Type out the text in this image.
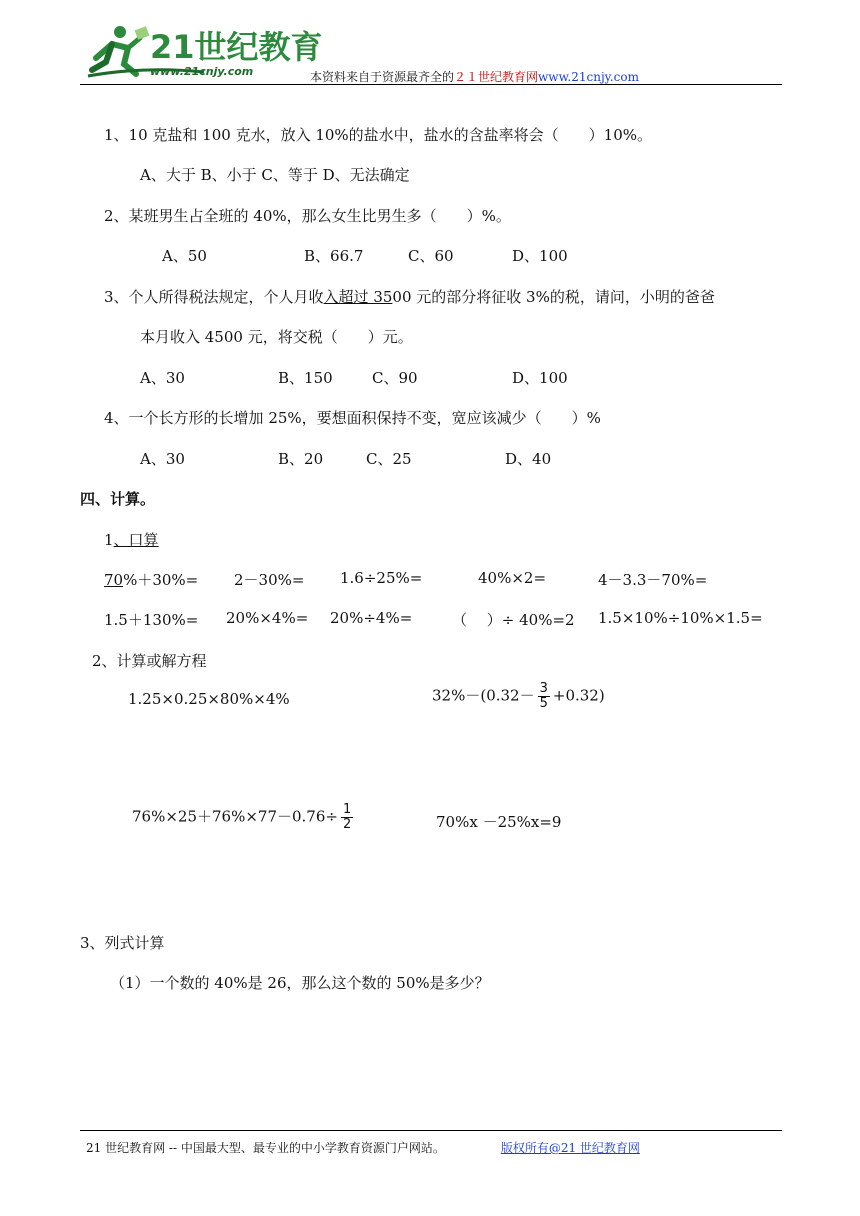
21世纪教育
www.21cnjy.com	本资料来自于资源最齐全的２１世纪教育网www.21cnjy.com
1、10 克盐和 100 克水，放入 10%的盐水中，盐水的含盐率将会（　　）10%。
A、大于 B、小于 C、等于 D、无法确定
2、某班男生占全班的 40%，那么女生比男生多（　　）%。
A、50	B、66.7	C、60	D、100
3、个人所得税法规定，个人月收入超过 3500 元的部分将征收 3%的税，请问，小明的爸爸
本月收入 4500 元，将交税（　　）元。
A、30	B、150	C、90	D、100
4、一个长方形的长增加 25%，要想面积保持不变，宽应该减少（　　）%
A、30	B、20	C、25	D、40
四、计算。
1、口算
70%＋30%= 2－30%= 1.6÷25%=	40%×2=	4－3.3－70%=
1.5＋130%= 20%×4%= 20%÷4%=	（　 ）÷ 40%=2 1.5×10%÷10%×1.5=
2、计算或解方程
1.25×0.25×80%×4%	$32\%-(0.32- \frac{3}{5} +0.32)$
$76\%\times 25+76\%\times 77-0.76\div \frac{1}{2}$	70%x －25%x=9
3、列式计算
（1）一个数的 40%是 26，那么这个数的 50%是多少？
21 世纪教育网 -- 中国最大型、最专业的中小学教育资源门户网站。	版权所有@21 世纪教育网
